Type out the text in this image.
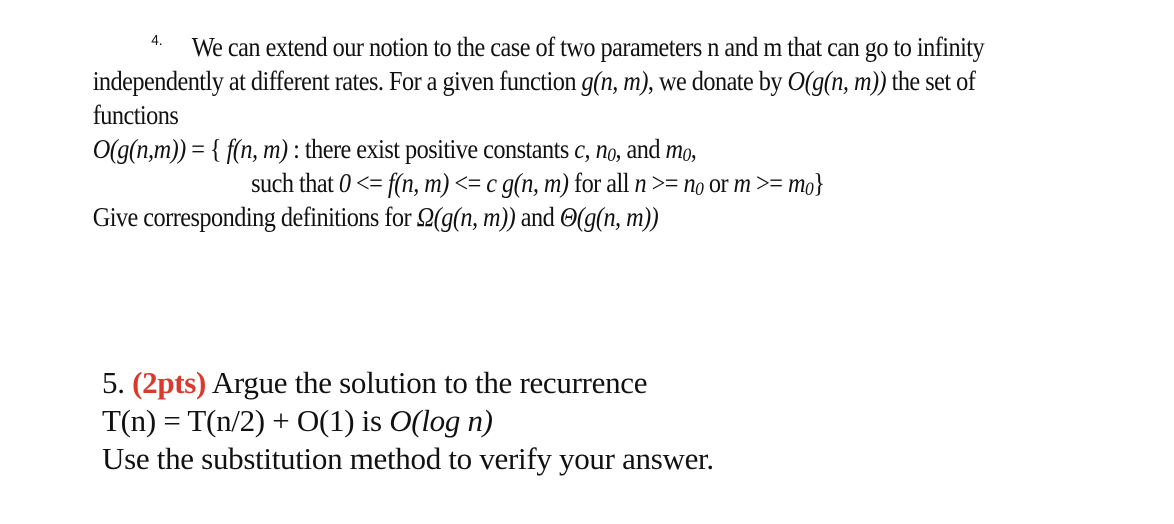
4. We can extend our notion to the case of two parameters n and m that can go to infinity
independently at different rates. For a given function g(n, m), we donate by O(g(n, m)) the set of
functions
O(g(n,m)) = { f(n, m) : there exist positive constants c, $n_0$, and $m_0$,
such that 0 <= f(n, m) <= c g(n, m) for all $n >= n_0$ or $m >= m_0$}
Give corresponding definitions for Ω(g(n, m)) and Θ(g(n, m))
5. (2pts) Argue the solution to the recurrence
T(n) = T(n/2) + O(1) is O(log n)
Use the substitution method to verify your answer.
